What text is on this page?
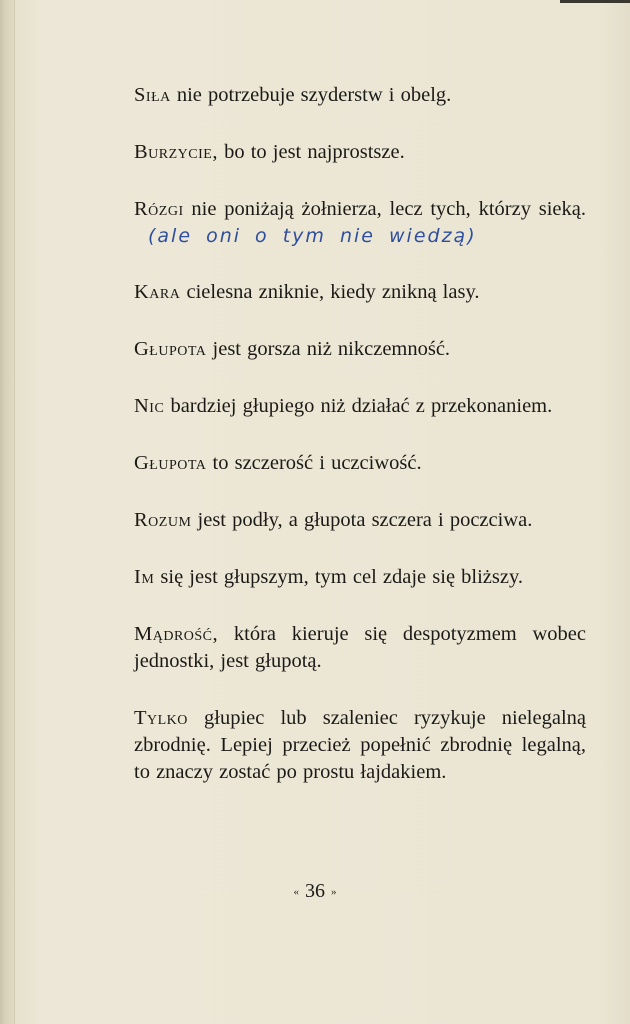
Siła nie potrzebuje szyderstw i obelg.

Burzycie, bo to jest najprostsze.

Rózgi nie poniżają żołnierza, lecz tych, którzy sieką.(ale oni o tym nie wiedzą)

Kara cielesna zniknie, kiedy znikną lasy.

Głupota jest gorsza niż nikczemność.

Nic bardziej głupiego niż działać z przekonaniem.

Głupota to szczerość i uczciwość.

Rozum jest podły, a głupota szczera i poczciwa.

Im się jest głupszym, tym cel zdaje się bliższy.

Mądrość, która kieruje się despotyzmem wobec jednostki, jest głupotą.

Tylko głupiec lub szaleniec ryzykuje nielegalną zbrodnię. Lepiej przecież popełnić zbrodnię legalną, to znaczy zostać po prostu łajdakiem.

« 36 »
